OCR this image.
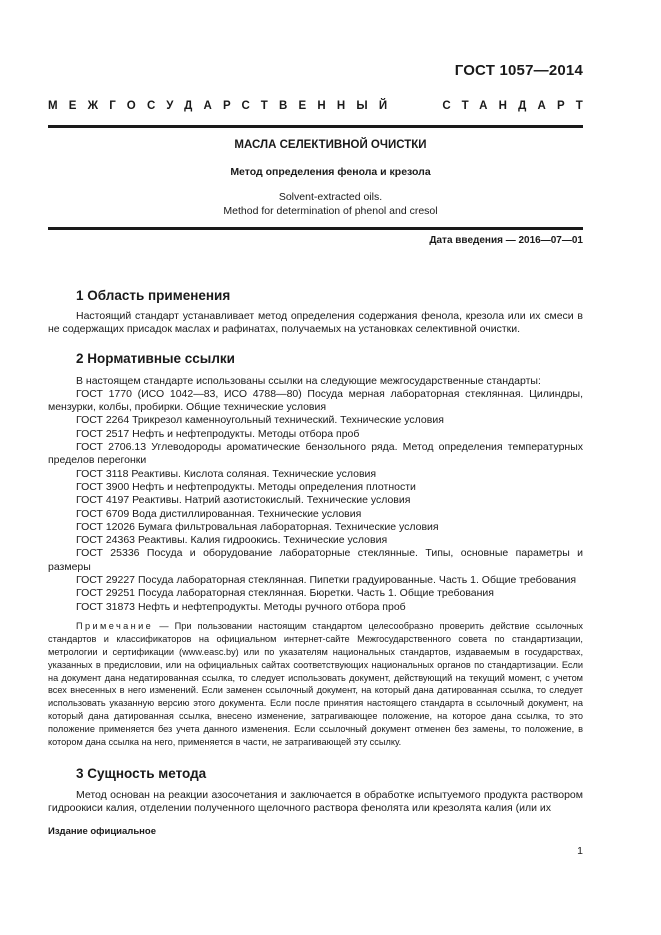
ГОСТ 1057—2014
МЕЖГОСУДАРСТВЕННЫЙ	СТАНДАРТ
МАСЛА СЕЛЕКТИВНОЙ ОЧИСТКИ
Метод определения фенола и крезола
Solvent-extracted oils.
Method for determination of phenol and cresol
Дата введения — 2016—07—01
1 Область применения

Настоящий стандарт устанавливает метод определения содержания фенола, крезола или их смеси в не содержащих присадок маслах и рафинатах, получаемых на установках селективной очистки.

2 Нормативные ссылки

В настоящем стандарте использованы ссылки на следующие межгосударственные стандарты:

ГОСТ 1770 (ИСО 1042—83, ИСО 4788—80) Посуда мерная лабораторная стеклянная. Цилиндры, мензурки, колбы, пробирки. Общие технические условия

ГОСТ 2264 Трикрезол каменноугольный технический. Технические условия

ГОСТ 2517 Нефть и нефтепродукты. Методы отбора проб

ГОСТ 2706.13 Углеводороды ароматические бензольного ряда. Метод определения температурных пределов перегонки

ГОСТ 3118 Реактивы. Кислота соляная. Технические условия

ГОСТ 3900 Нефть и нефтепродукты. Методы определения плотности

ГОСТ 4197 Реактивы. Натрий азотистокислый. Технические условия

ГОСТ 6709 Вода дистиллированная. Технические условия

ГОСТ 12026 Бумага фильтровальная лабораторная. Технические условия

ГОСТ 24363 Реактивы. Калия гидроокись. Технические условия

ГОСТ 25336 Посуда и оборудование лабораторные стеклянные. Типы, основные параметры и размеры

ГОСТ 29227 Посуда лабораторная стеклянная. Пипетки градуированные. Часть 1. Общие требования

ГОСТ 29251 Посуда лабораторная стеклянная. Бюретки. Часть 1. Общие требования

ГОСТ 31873 Нефть и нефтепродукты. Методы ручного отбора проб

Примечание — При пользовании настоящим стандартом целесообразно проверить действие ссылочных стандартов и классификаторов на официальном интернет-сайте Межгосударственного совета по стандартизации, метрологии и сертификации (www.easc.by) или по указателям национальных стандартов, издаваемым в государствах, указанных в предисловии, или на официальных сайтах соответствующих национальных органов по стандартизации. Если на документ дана недатированная ссылка, то следует использовать документ, действующий на текущий момент, с учетом всех внесенных в него изменений. Если заменен ссылочный документ, на который дана датированная ссылка, то следует использовать указанную версию этого документа. Если после принятия настоящего стандарта в ссылочный документ, на который дана датированная ссылка, внесено изменение, затрагивающее положение, на которое дана ссылка, то это положение применяется без учета данного изменения. Если ссылочный документ отменен без замены, то положение, в котором дана ссылка на него, применяется в части, не затрагивающей эту ссылку.

3 Сущность метода

Метод основан на реакции азосочетания и заключается в обработке испытуемого продукта раствором гидроокиси калия, отделении полученного щелочного раствора фенолята или крезолята калия (или их

Издание официальное
1
